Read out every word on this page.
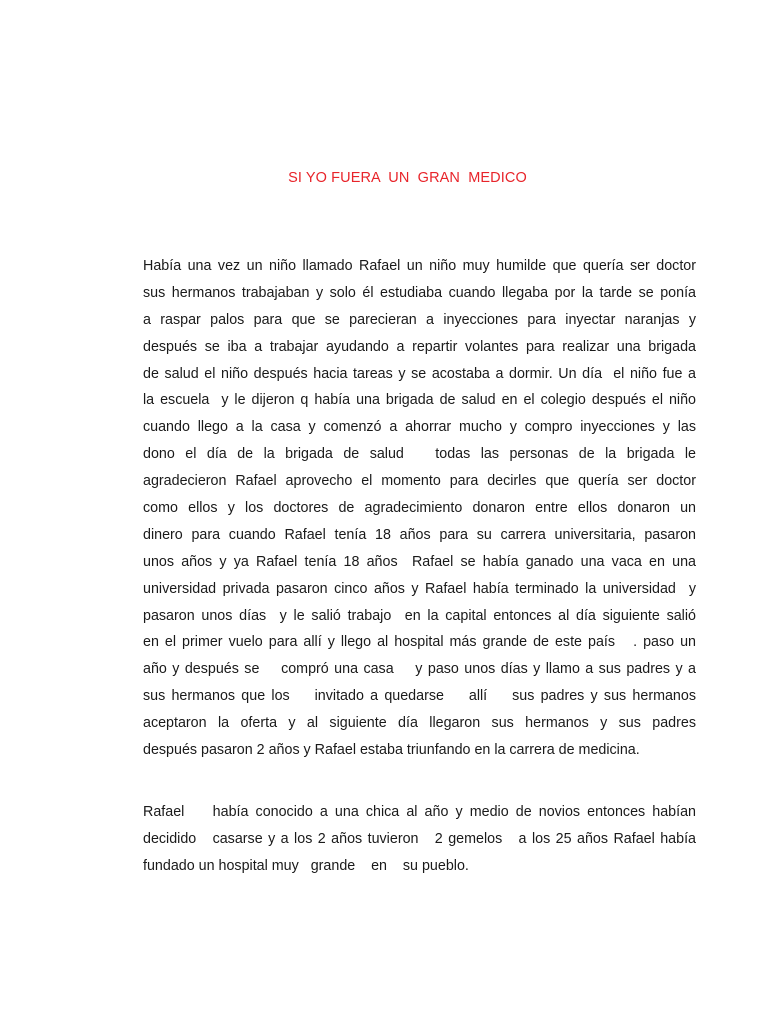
SI YO FUERA  UN  GRAN  MEDICO
Había una vez un niño llamado Rafael un niño muy humilde que quería ser doctor
sus hermanos trabajaban y solo él estudiaba cuando llegaba por la tarde se ponía
a raspar palos para que se parecieran a inyecciones para inyectar naranjas y
después se iba a trabajar ayudando a repartir volantes para realizar una brigada
de salud el niño después hacia tareas y se acostaba a dormir. Un día  el niño fue a
la escuela  y le dijeron q había una brigada de salud en el colegio después el niño
cuando llego a la casa y comenzó a ahorrar mucho y compro inyecciones y las
dono el día de la brigada de salud   todas las personas de la brigada le
agradecieron Rafael aprovecho el momento para decirles que quería ser doctor
como ellos y los doctores de agradecimiento donaron entre ellos donaron un
dinero para cuando Rafael tenía 18 años para su carrera universitaria, pasaron
unos años y ya Rafael tenía 18 años  Rafael se había ganado una vaca en una
universidad privada pasaron cinco años y Rafael había terminado la universidad  y
pasaron unos días  y le salió trabajo  en la capital entonces al día siguiente salió
en el primer vuelo para allí y llego al hospital más grande de este país   . paso un
año y después se    compró una casa    y paso unos días y llamo a sus padres y a
sus hermanos que los    invitado a quedarse    allí    sus padres y sus hermanos
aceptaron la oferta y al siguiente día llegaron sus hermanos y sus padres
después pasaron 2 años y Rafael estaba triunfando en la carrera de medicina.
Rafael    había conocido a una chica al año y medio de novios entonces habían
decidido   casarse y a los 2 años tuvieron   2 gemelos   a los 25 años Rafael había
fundado un hospital muy   grande    en    su pueblo.
